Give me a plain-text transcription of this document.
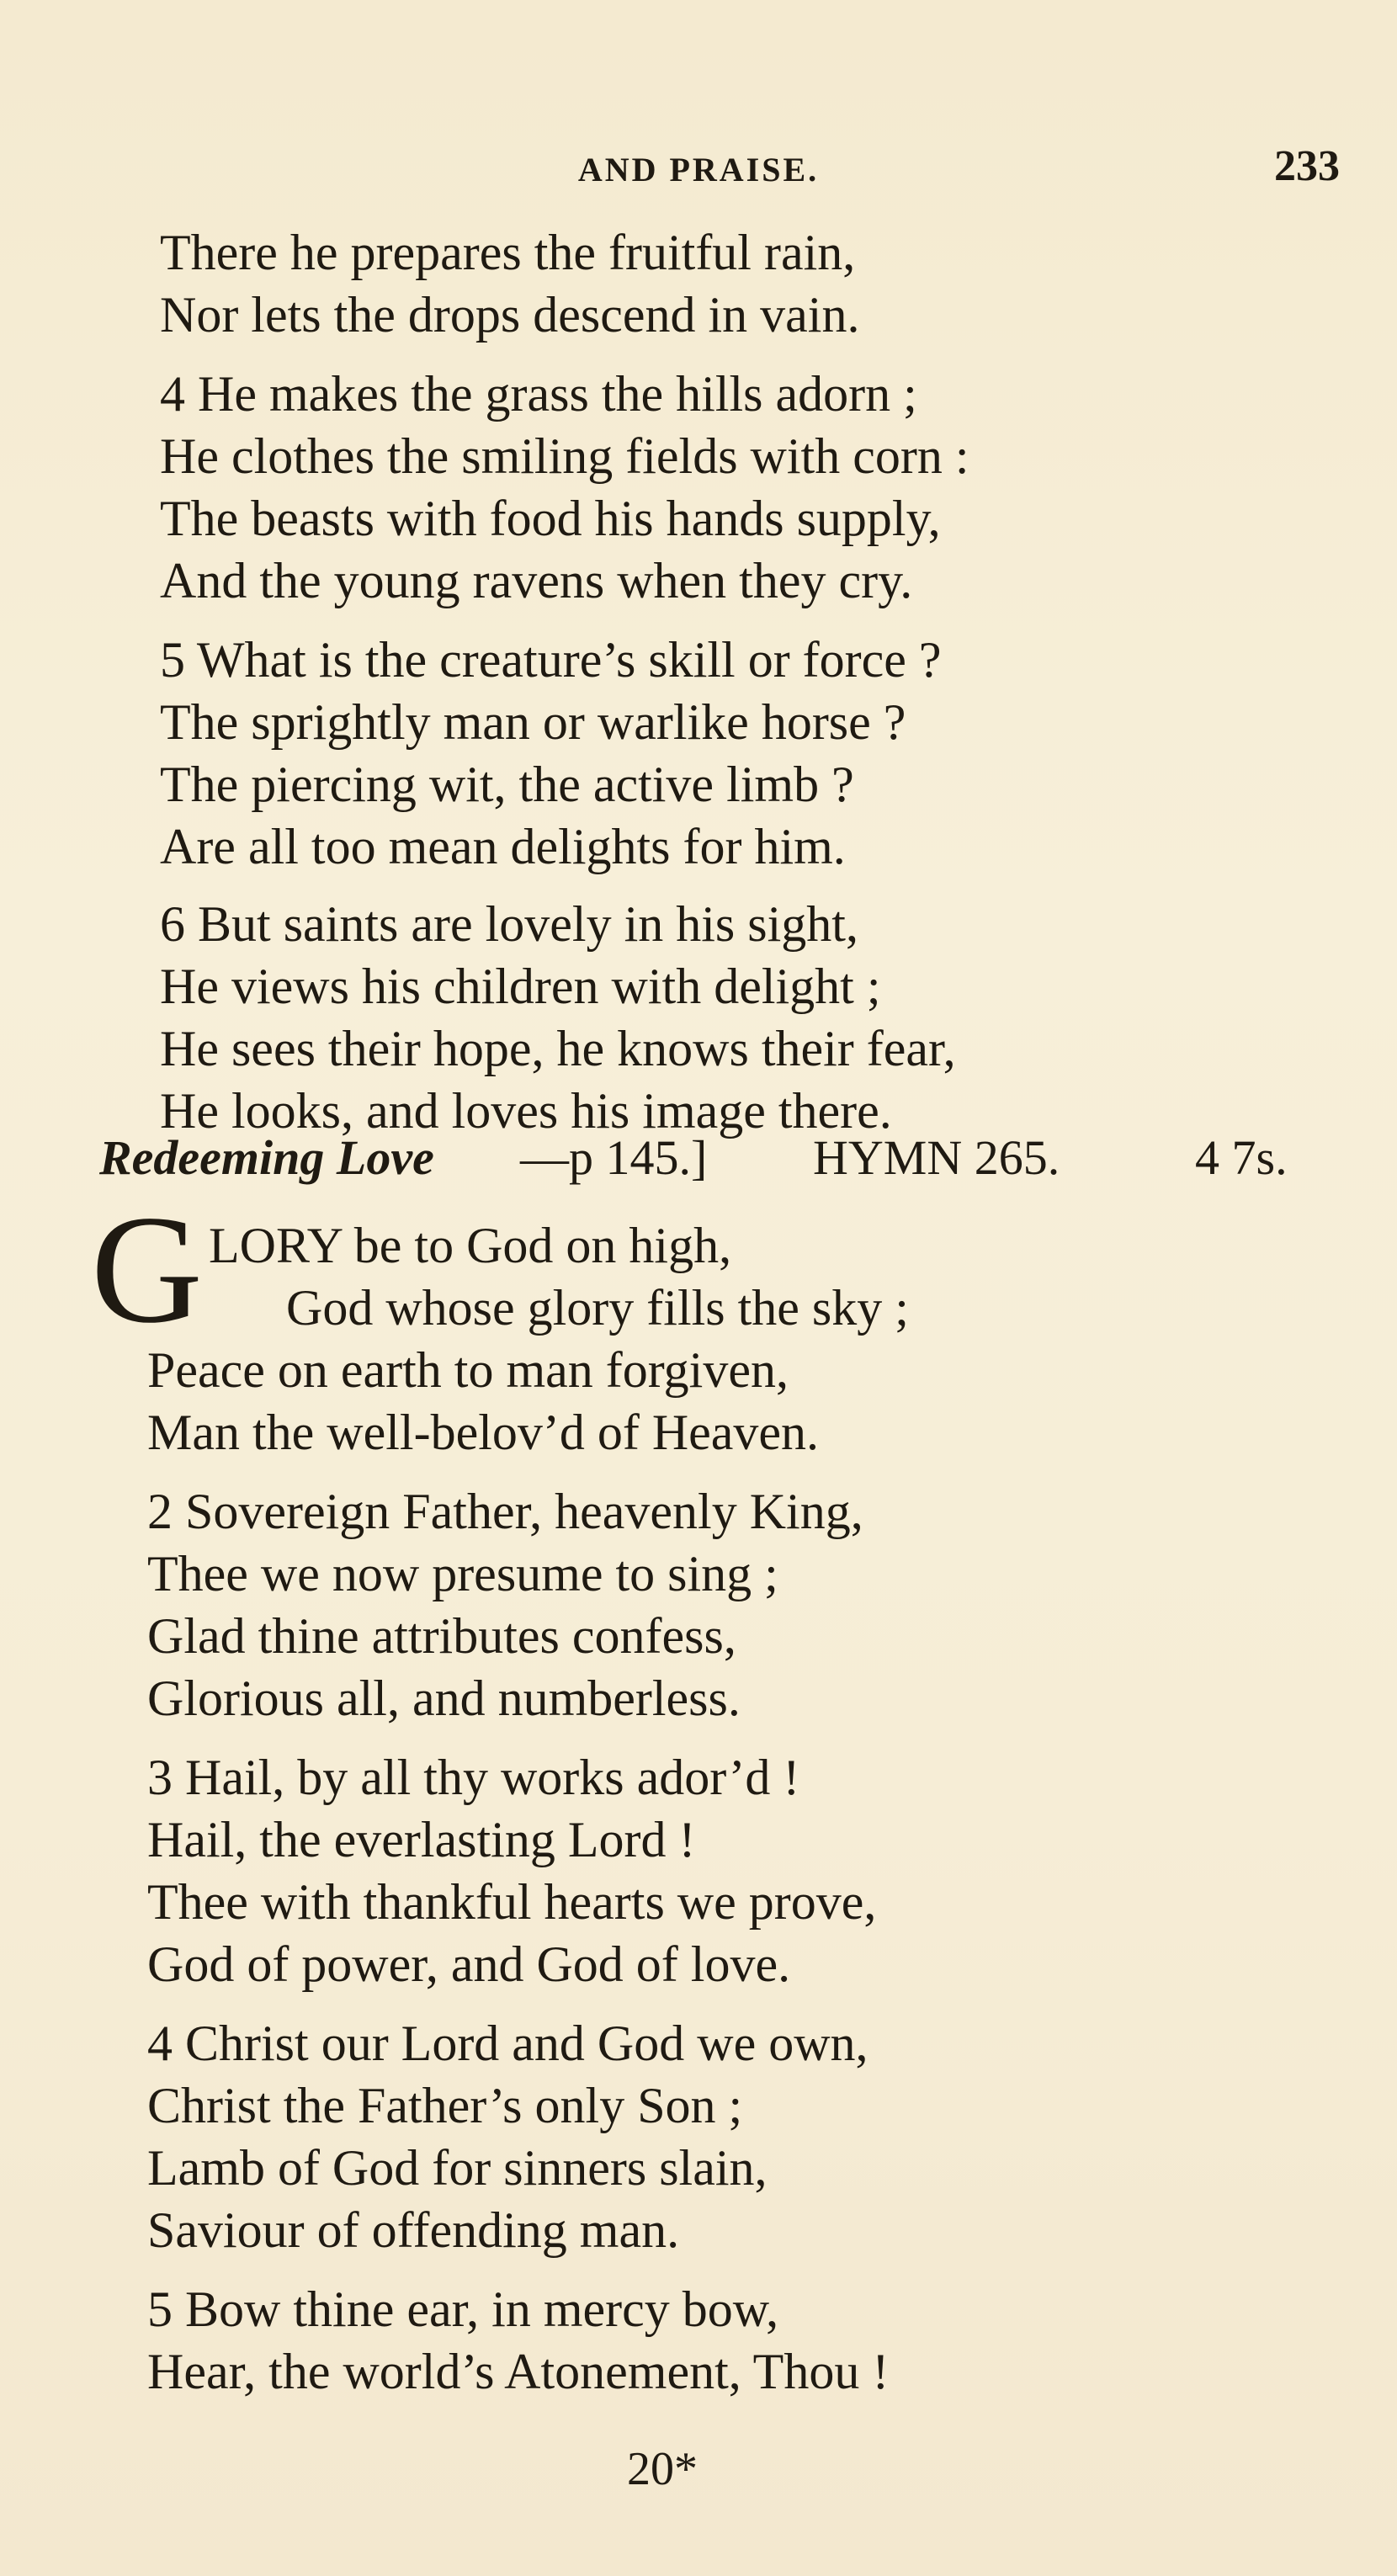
AND PRAISE.	233
There he prepares the fruitful rain,
Nor lets the drops descend in vain.
4 He makes the grass the hills adorn ;
He clothes the smiling fields with corn :
The beasts with food his hands supply,
And the young ravens when they cry.
5 What is the creature’s skill or force ?
The sprightly man or warlike horse ?
The piercing wit, the active limb ?
Are all too mean delights for him.
6 But saints are lovely in his sight,
He views his children with delight ;
He sees their hope, he knows their fear,
He looks, and loves his image there.
Redeeming Love —p 145.] HYMN 265.	4 7s.
G LORY be to God on high,
God whose glory fills the sky ;
Peace on earth to man forgiven,
Man the well-belov’d of Heaven.
2 Sovereign Father, heavenly King,
Thee we now presume to sing ;
Glad thine attributes confess,
Glorious all, and numberless.
3 Hail, by all thy works ador’d !
Hail, the everlasting Lord !
Thee with thankful hearts we prove,
God of power, and God of love.
4 Christ our Lord and God we own,
Christ the Father’s only Son ;
Lamb of God for sinners slain,
Saviour of offending man.
5 Bow thine ear, in mercy bow,
Hear, the world’s Atonement, Thou !
20*
